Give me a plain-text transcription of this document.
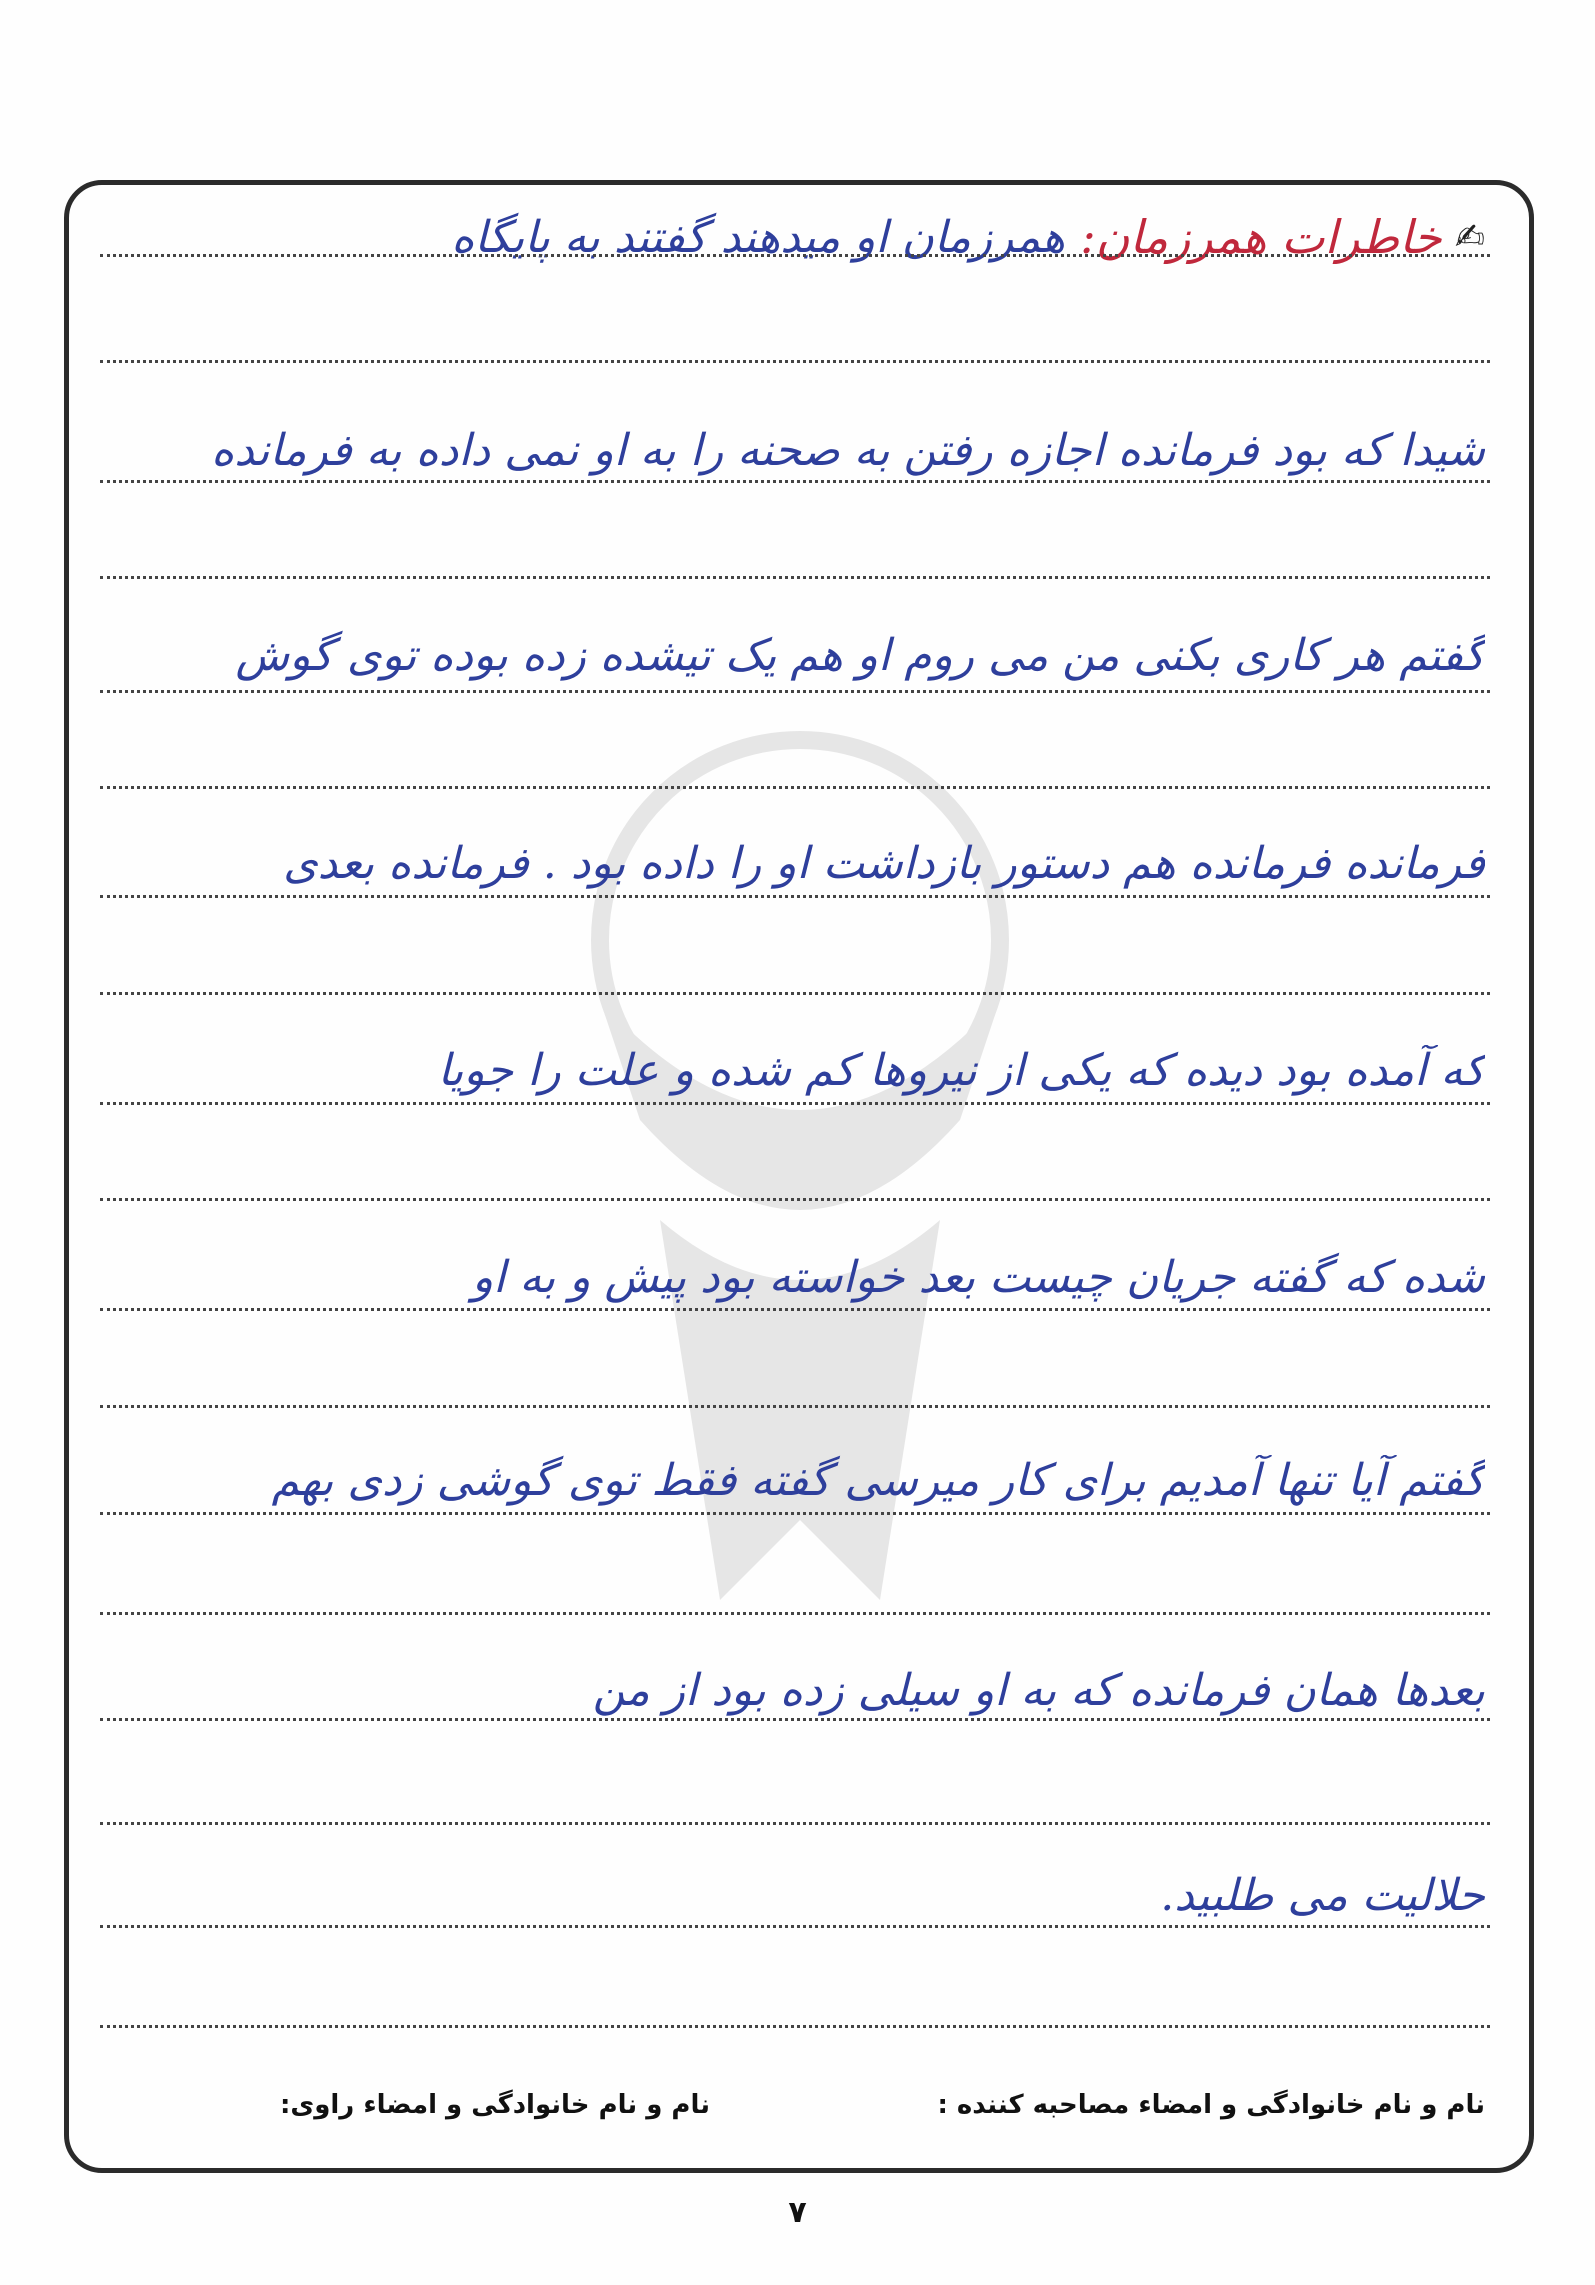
✍ خاطرات همرزمان: همرزمان او میدهند گفتند به پایگاه
شیدا که بود فرمانده اجازه رفتن به صحنه را به او نمی داده به فرمانده
گفتم هر کاری بکنی من می روم او هم یک تیشده زده بوده توی گوش
فرمانده فرمانده هم دستور بازداشت او را داده بود . فرمانده بعدی
که آمده بود دیده که یکی از نیروها کم شده و علت را جویا
شده که گفته جریان چیست بعد خواسته بود پیش و به او
گفتم آیا تنها آمدیم برای کار میرسی گفته فقط توی گوشی زدی بهم
بعدها همان فرمانده که به او سیلی زده بود از من
حلالیت می طلبید.
نام و نام خانوادگی و امضاء مصاحبه کننده :
نام و نام خانوادگی و امضاء راوی:
۷
